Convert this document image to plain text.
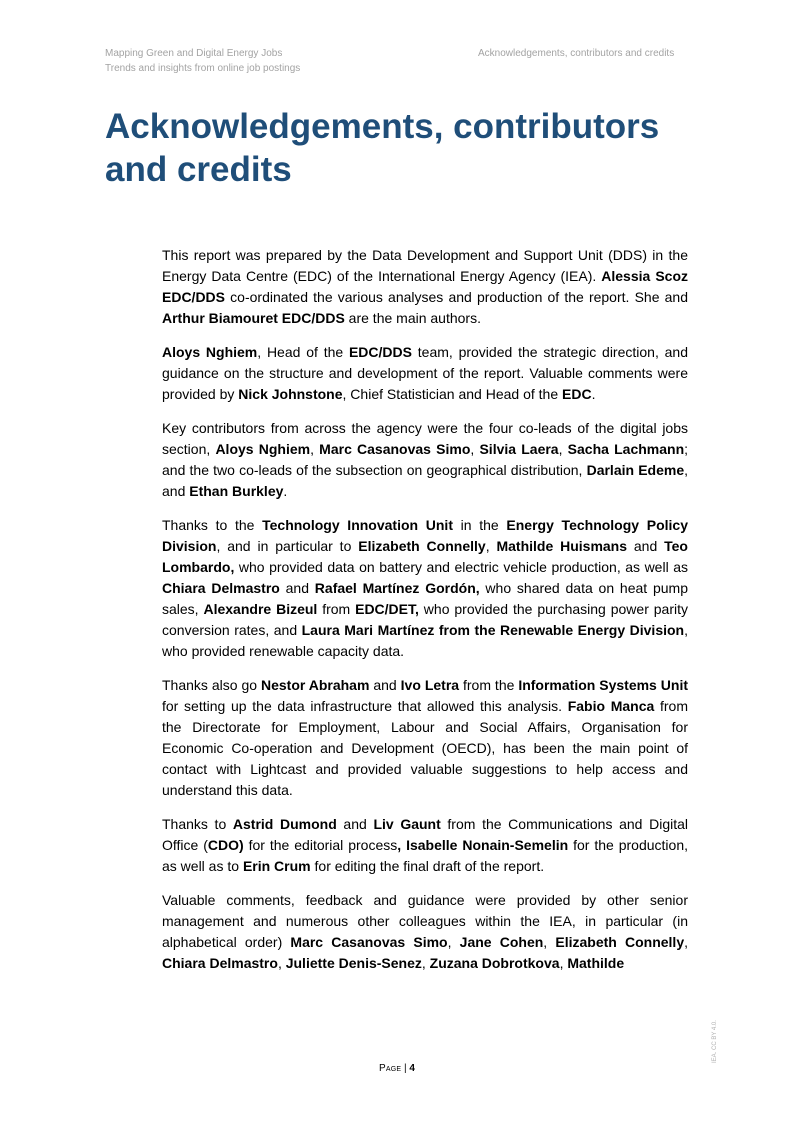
Mapping Green and Digital Energy Jobs
Trends and insights from online job postings
Acknowledgements, contributors and credits
Acknowledgements, contributors and credits

This report was prepared by the Data Development and Support Unit (DDS) in the Energy Data Centre (EDC) of the International Energy Agency (IEA). Alessia Scoz EDC/DDS co-ordinated the various analyses and production of the report. She and Arthur Biamouret EDC/DDS are the main authors.

Aloys Nghiem, Head of the EDC/DDS team, provided the strategic direction, and guidance on the structure and development of the report. Valuable comments were provided by Nick Johnstone, Chief Statistician and Head of the EDC.

Key contributors from across the agency were the four co-leads of the digital jobs section, Aloys Nghiem, Marc Casanovas Simo, Silvia Laera, Sacha Lachmann; and the two co-leads of the subsection on geographical distribution, Darlain Edeme, and Ethan Burkley.

Thanks to the Technology Innovation Unit in the Energy Technology Policy Division, and in particular to Elizabeth Connelly, Mathilde Huismans and Teo Lombardo, who provided data on battery and electric vehicle production, as well as Chiara Delmastro and Rafael Martínez Gordón, who shared data on heat pump sales, Alexandre Bizeul from EDC/DET, who provided the purchasing power parity conversion rates, and Laura Mari Martínez from the Renewable Energy Division, who provided renewable capacity data.

Thanks also go Nestor Abraham and Ivo Letra from the Information Systems Unit for setting up the data infrastructure that allowed this analysis. Fabio Manca from the Directorate for Employment, Labour and Social Affairs, Organisation for Economic Co-operation and Development (OECD), has been the main point of contact with Lightcast and provided valuable suggestions to help access and understand this data.

Thanks to Astrid Dumond and Liv Gaunt from the Communications and Digital Office (CDO) for the editorial process, Isabelle Nonain-Semelin for the production, as well as to Erin Crum for editing the final draft of the report.

Valuable comments, feedback and guidance were provided by other senior management and numerous other colleagues within the IEA, in particular (in alphabetical order) Marc Casanovas Simo, Jane Cohen, Elizabeth Connelly, Chiara Delmastro, Juliette Denis-Senez, Zuzana Dobrotkova, Mathilde

Page | 4
IEA. CC BY 4.0.
